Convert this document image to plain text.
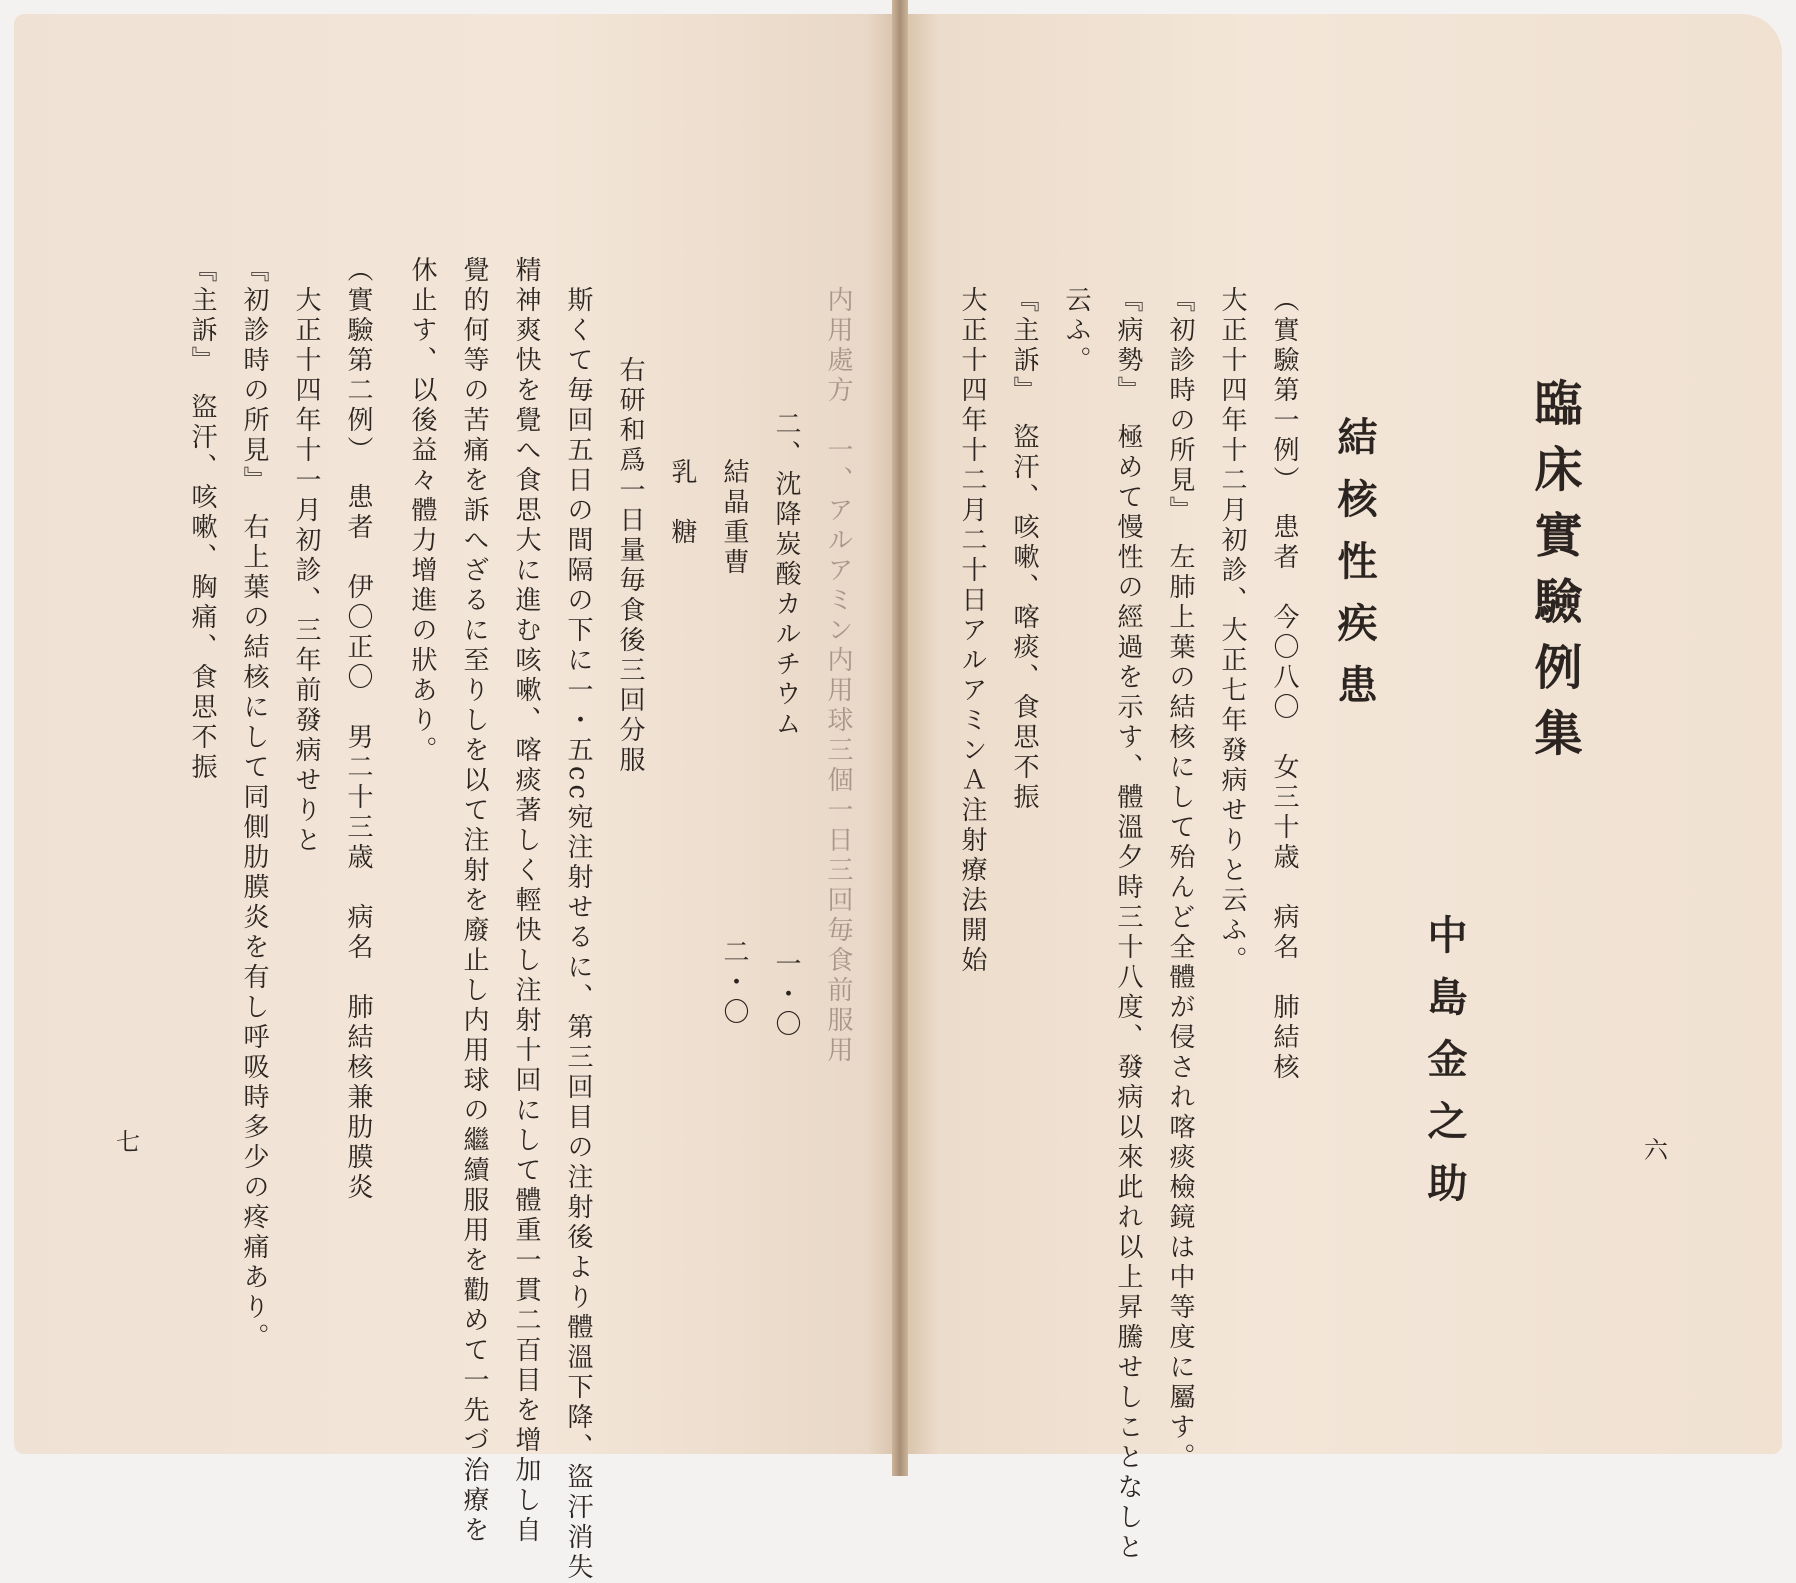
六
臨床實驗例集
中島金之助
結核性疾患
（實驗第一例）　患者　今〇八〇　女三十歳　病名　肺結核
大正十四年十二月初診、大正七年發病せりと云ふ。
『初診時の所見』　左肺上葉の結核にして殆んど全體が侵され喀痰檢鏡は中等度に屬す。
『病勢』　極めて慢性の經過を示す、體溫夕時三十八度、發病以來此れ以上昇騰せしことなしと
云ふ。
『主訴』　盜汗、咳嗽、喀痰、食思不振
大正十四年十二月二十日アルアミンＡ注射療法開始
内用處方　一、アルアミン内用球三個一日三回毎食前服用
二、沈降炭酸カルチウム　　　　　　　一・〇
結晶重曹　　　　　　　　　　　　二・〇
乳　糖
右研和爲一日量毎食後三回分服
斯くて毎回五日の間隔の下に一・五cc宛注射せるに、第三回目の注射後より體溫下降、盜汗消失
精神爽快を覺へ食思大に進む咳嗽、喀痰著しく輕快し注射十回にして體重一貫二百目を增加し自
覺的何等の苦痛を訴へざるに至りしを以て注射を廢止し内用球の繼續服用を勸めて一先づ治療を
休止す、以後益々體力增進の狀あり。
（實驗第二例）　患者　伊〇正〇　男二十三歳　病名　肺結核兼肋膜炎
大正十四年十一月初診、三年前發病せりと
『初診時の所見』　右上葉の結核にして同側肋膜炎を有し呼吸時多少の疼痛あり。
『主訴』　盜汗、咳嗽、胸痛、食思不振
七
